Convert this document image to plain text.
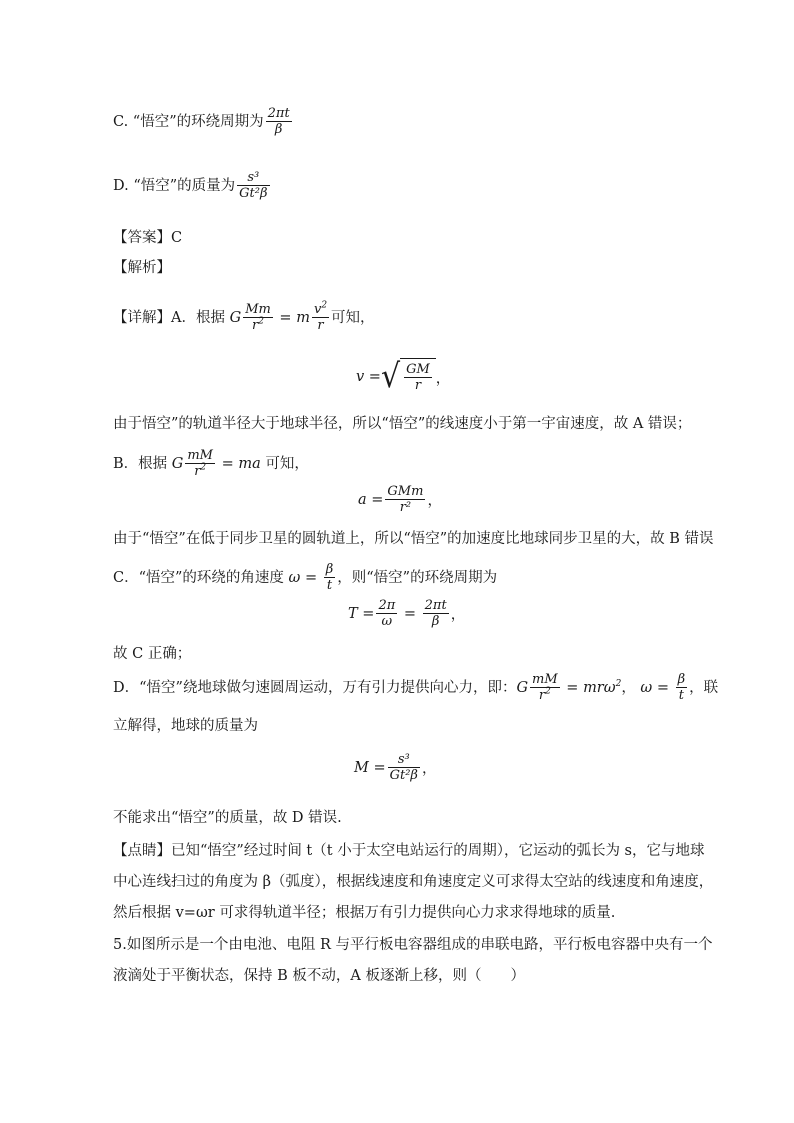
C. “悟空”的环绕周期为 $\frac{2\pi t}{\beta}$
D. “悟空”的质量为 $\frac{\text{s³}}{\text{Gt²β}}$
【答案】C
【解析】
【详解】A．根据 G $\frac{Mm}{r^2} = m \frac{v^2}{r}$ 可知，
v = √ $\frac{GM}{r}$ ，
由于悟空”的轨道半径大于地球半径，所以“悟空”的线速度小于第一宇宙速度，故 A 错误；
B．根据 G $\frac{mM}{r^2}$ = ma
可知，
$a = \frac{\text{GMm}}{\text{r²}}$ ，
由于“悟空”在低于同步卫星的圆轨道上，所以“悟空”的加速度比地球同步卫星的大，故 B 错误
C．“悟空”的环绕的角速度 $\omega = \frac{\beta}{t}$ ，则“悟空”的环绕周期为
$T = \frac{2\pi}{\omega} = \frac{2\pi t}{\beta}$ ，
故 C 正确；
D．“悟空”绕地球做匀速圆周运动，万有引力提供向心力，即： G $\frac{mM}{r^2} = mr\omega^2$ ， $\omega = \frac{\beta}{t}$ ，联
立解得，地球的质量为
$M = \frac{\text{s³}}{\text{Gt²β}}$ ，
不能求出“悟空”的质量，故 D 错误.
【点睛】已知“悟空”经过时间 t（t 小于太空电站运行的周期），它运动的弧长为 s，它与地球
中心连线扫过的角度为 β（弧度），根据线速度和角速度定义可求得太空站的线速度和角速度，
然后根据 v=ωr 可求得轨道半径；根据万有引力提供向心力求求得地球的质量.
5.如图所示是一个由电池、电阻 R 与平行板电容器组成的串联电路，平行板电容器中央有一个
液滴处于平衡状态，保持 B 板不动，A 板逐渐上移，则（　　）
